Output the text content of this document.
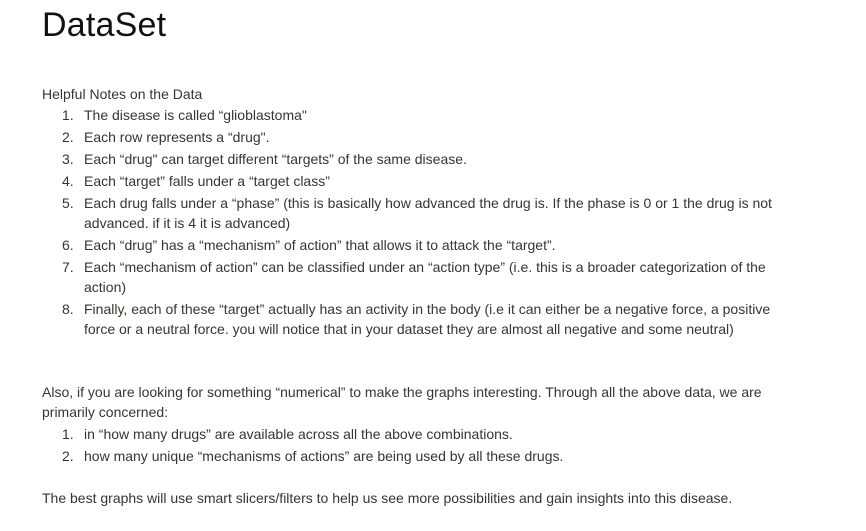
DataSet
Helpful Notes on the Data
1. The disease is called “glioblastoma"
2. Each row represents a “drug".
3. Each “drug" can target different “targets” of the same disease.
4. Each “target” falls under a “target class”
5. Each drug falls under a “phase” (this is basically how advanced the drug is. If the phase is 0 or 1 the drug is not advanced. if it is 4 it is advanced)
6. Each “drug” has a “mechanism” of action” that allows it to attack the “target”.
7. Each “mechanism of action” can be classified under an “action type” (i.e. this is a broader categorization of the action)
8. Finally, each of these “target” actually has an activity in the body (i.e it can either be a negative force, a positive force or a neutral force. you will notice that in your dataset they are almost all negative and some neutral)
Also, if you are looking for something “numerical” to make the graphs interesting. Through all the above data, we are primarily concerned:
1. in “how many drugs” are available across all the above combinations.
2. how many unique “mechanisms of actions” are being used by all these drugs.
The best graphs will use smart slicers/filters to help us see more possibilities and gain insights into this disease.
